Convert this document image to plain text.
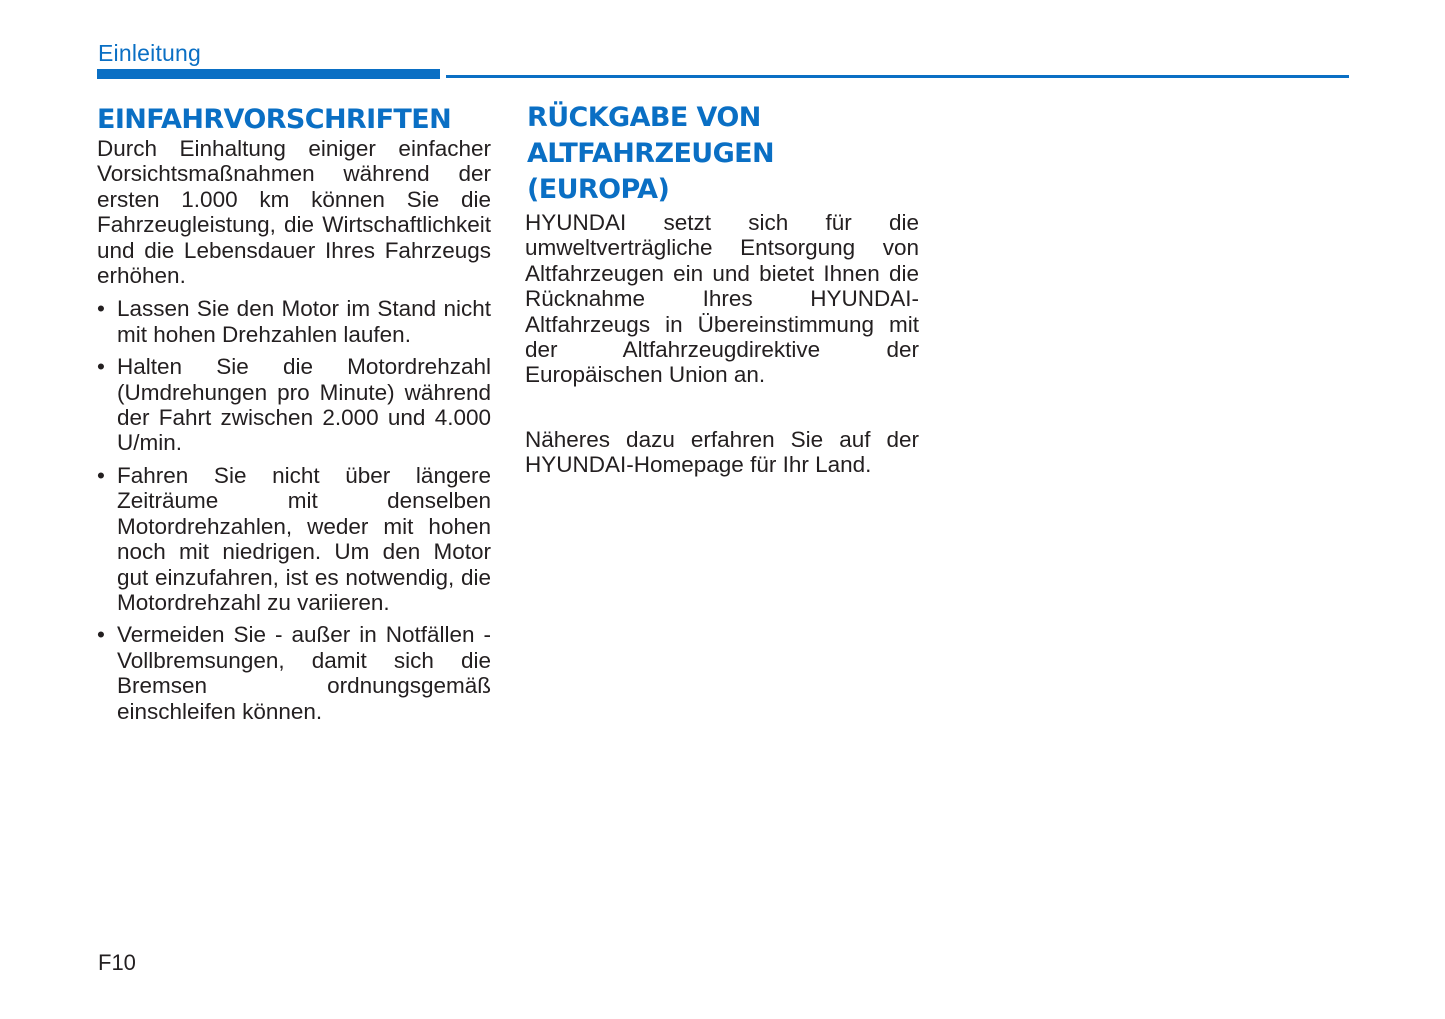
Einleitung
EINFAHRVORSCHRIFTEN

Durch Einhaltung einiger einfacher Vorsichtsmaßnahmen während der ersten 1.000 km können Sie die Fahrzeugleistung, die Wirtschaftlichkeit und die Lebensdauer Ihres Fahrzeugs erhöhen.

• Lassen Sie den Motor im Stand nicht mit hohen Drehzahlen laufen.
• Halten Sie die Motordrehzahl (Umdrehungen pro Minute) während der Fahrt zwischen 2.000 und 4.000 U/min.
• Fahren Sie nicht über längere Zeiträume mit denselben Motordrehzahlen, weder mit hohen noch mit niedrigen. Um den Motor gut einzufahren, ist es notwendig, die Motordrehzahl zu variieren.
• Vermeiden Sie - außer in Notfällen - Vollbremsungen, damit sich die Bremsen ordnungsgemäß einschleifen können.
RÜCKGABE VON
ALTFAHRZEUGEN (EUROPA)

HYUNDAI setzt sich für die umweltverträgliche Entsorgung von Altfahrzeugen ein und bietet Ihnen die Rücknahme Ihres HYUNDAI-Altfahrzeugs in Übereinstimmung mit der Altfahrzeugdirektive der Europäischen Union an.

Näheres dazu erfahren Sie auf der HYUNDAI-Homepage für Ihr Land.

F10
